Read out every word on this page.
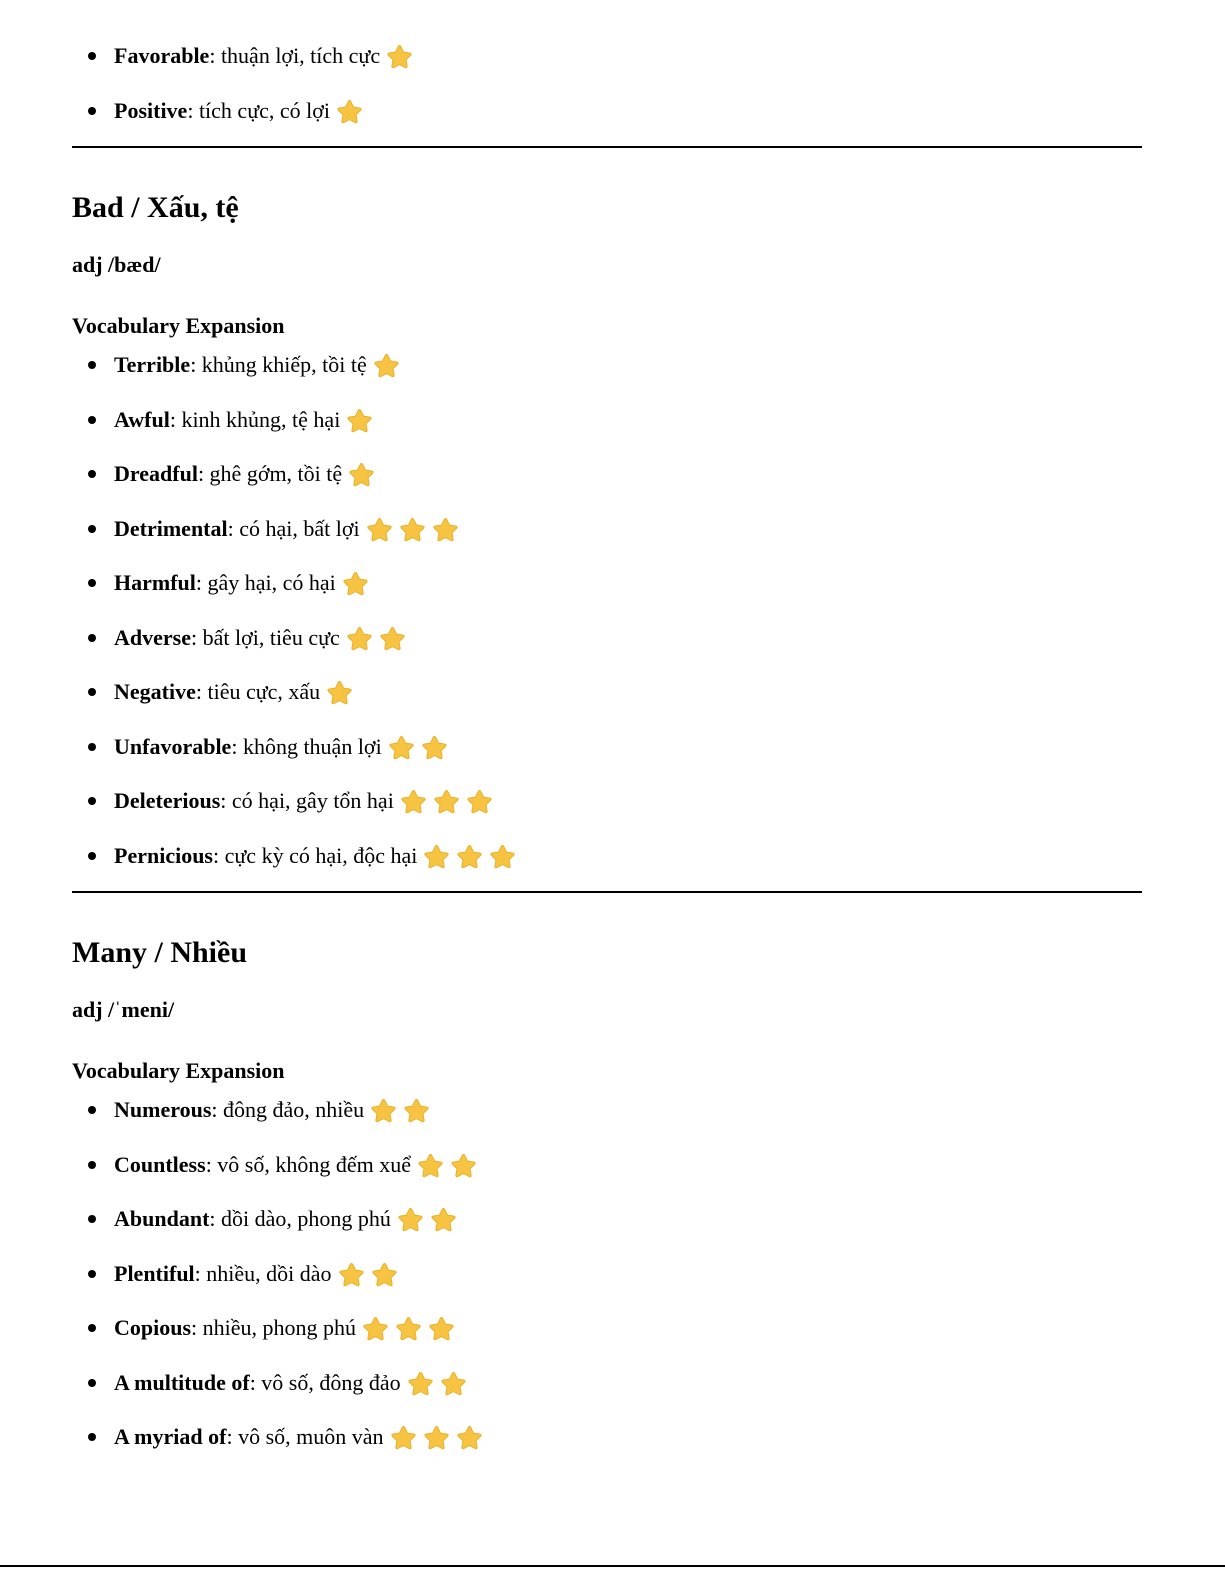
Favorable: thuận lợi, tích cực
Positive: tích cực, có lợi
Bad / Xấu, tệ

adj /bæd/

Vocabulary Expansion
Terrible: khủng khiếp, tồi tệ
Awful: kinh khủng, tệ hại
Dreadful: ghê gớm, tồi tệ
Detrimental: có hại, bất lợi
Harmful: gây hại, có hại
Adverse: bất lợi, tiêu cực
Negative: tiêu cực, xấu
Unfavorable: không thuận lợi
Deleterious: có hại, gây tổn hại
Pernicious: cực kỳ có hại, độc hại
Many / Nhiều

adj /ˈmeni/

Vocabulary Expansion
Numerous: đông đảo, nhiều
Countless: vô số, không đếm xuể
Abundant: dồi dào, phong phú
Plentiful: nhiều, dồi dào
Copious: nhiều, phong phú
A multitude of: vô số, đông đảo
A myriad of: vô số, muôn vàn
